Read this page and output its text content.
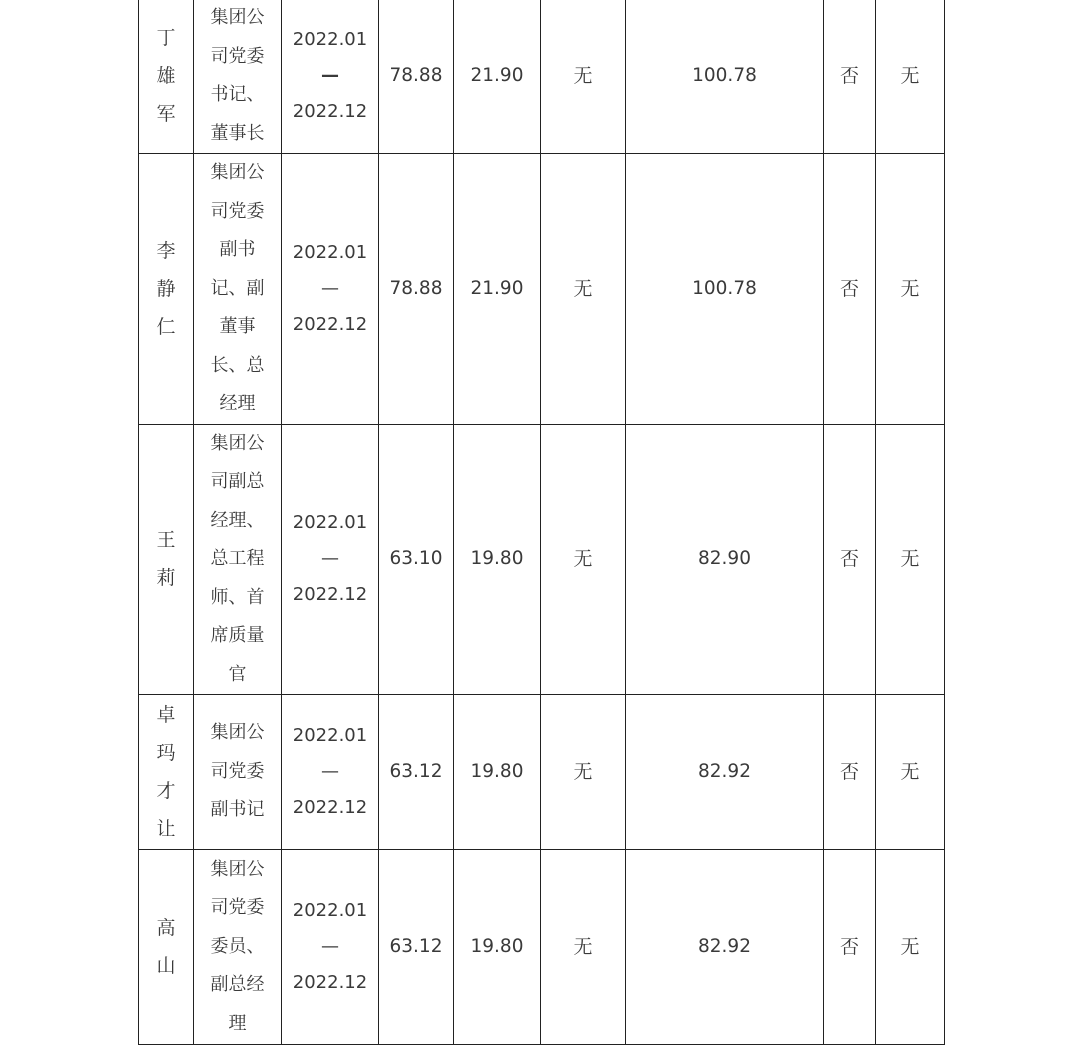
丁雄军	集团公司党委书记、董事长	2022.01
—
2022.12	78.88	21.90	无	100.78	否	无
李静仁	集团公司党委副书记、副董事长、总经理	2022.01
—
2022.12	78.88	21.90	无	100.78	否	无
王莉	集团公司副总经理、总工程师、首席质量官	2022.01
—
2022.12	63.10	19.80	无	82.90	否	无
卓玛才让	集团公司党委副书记	2022.01
—
2022.12	63.12	19.80	无	82.92	否	无
高山	集团公司党委委员、副总经理	2022.01
—
2022.12	63.12	19.80	无	82.92	否	无
